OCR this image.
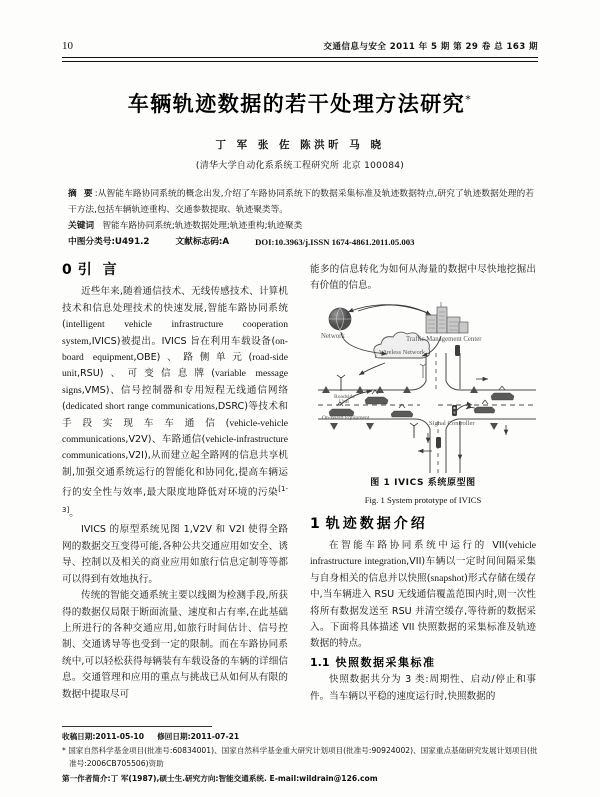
10	交通信息与安全 2011 年 5 期 第 29 卷 总 163 期
车辆轨迹数据的若干处理方法研究*
丁 军 张 佐 陈洪昕 马 晓
(清华大学自动化系系统工程研究所 北京 100084)

摘 要:从智能车路协同系统的概念出发,介绍了车路协同系统下的数据采集标准及轨迹数据特点,研究了轨迹数据处理的若干方法,包括车辆轨迹重构、交通参数提取、轨迹聚类等。

关键词 智能车路协同系统;轨迹数据处理;轨迹重构;轨迹聚类

中图分类号:U491.2	文献标志码:A	DOI:10.3963/j.ISSN 1674-4861.2011.05.003

0 引 言

近些年来,随着通信技术、无线传感技术、计算机技术和信息处理技术的快速发展,智能车路协同系统(intelligent vehicle infrastructure cooperation system,IVICS)被提出。IVICS 旨在利用车载设备(on-board equipment,OBE)、路侧单元(road-side unit,RSU)、可变信息牌(variable message signs,VMS)、信号控制器和专用短程无线通信网络(dedicated short range communications,DSRC)等技术和手段实现车车通信(vehicle-vehicle communications,V2V)、车路通信(vehicle-infrastructure communications,V2I),从而建立起全路网的信息共享机制,加强交通系统运行的智能化和协同化,提高车辆运行的安全性与效率,最大限度地降低对环境的污染[1-3]。

IVICS 的原型系统见图 1,V2V 和 V2I 使得全路网的数据交互变得可能,各种公共交通应用如安全、诱导、控制以及相关的商业应用如旅行信息定制等等都可以得到有效地执行。

传统的智能交通系统主要以线圈为检测手段,所获得的数据仅局限于断面流量、速度和占有率,在此基础上所进行的各种交通应用,如旅行时间估计、信号控制、交通诱导等也受到一定的限制。而在车路协同系统中,可以轻松获得每辆装有车载设备的车辆的详细信息。交通管理和应用的重点与挑战已从如何从有限的数据中提取尽可

能多的信息转化为如何从海量的数据中尽快地挖掘出有价值的信息。

Wireless Network
Network	Traffic Management Center
Roadside
Unit
On-board Equipment
Signal Controller
图 1 IVICS 系统原型图
Fig. 1 System prototype of IVICS
1 轨迹数据介绍

在智能车路协同系统中运行的 VII(vehicle infrastructure integration,VII)车辆以一定时间间隔采集与自身相关的信息并以快照(snapshot)形式存储在缓存中,当车辆进入 RSU 无线通信覆盖范围内时,则一次性将所有数据发送至 RSU 并清空缓存,等待新的数据采入。下面将具体描述 VII 快照数据的采集标准及轨迹数据的特点。

1.1 快照数据采集标准

快照数据共分为 3 类:周期性、启动/停止和事件。当车辆以平稳的速度运行时,快照数据的

收稿日期:2011-05-10 修回日期:2011-07-21

* 国家自然科学基金项目(批准号:60834001)、国家自然科学基金重大研究计划项目(批准号:90924002)、国家重点基础研究发展计划项目(批准号:2006CB705506)资助

第一作者简介:丁 军(1987),硕士生.研究方向:智能交通系统. E-mail:wildrain@126.com
